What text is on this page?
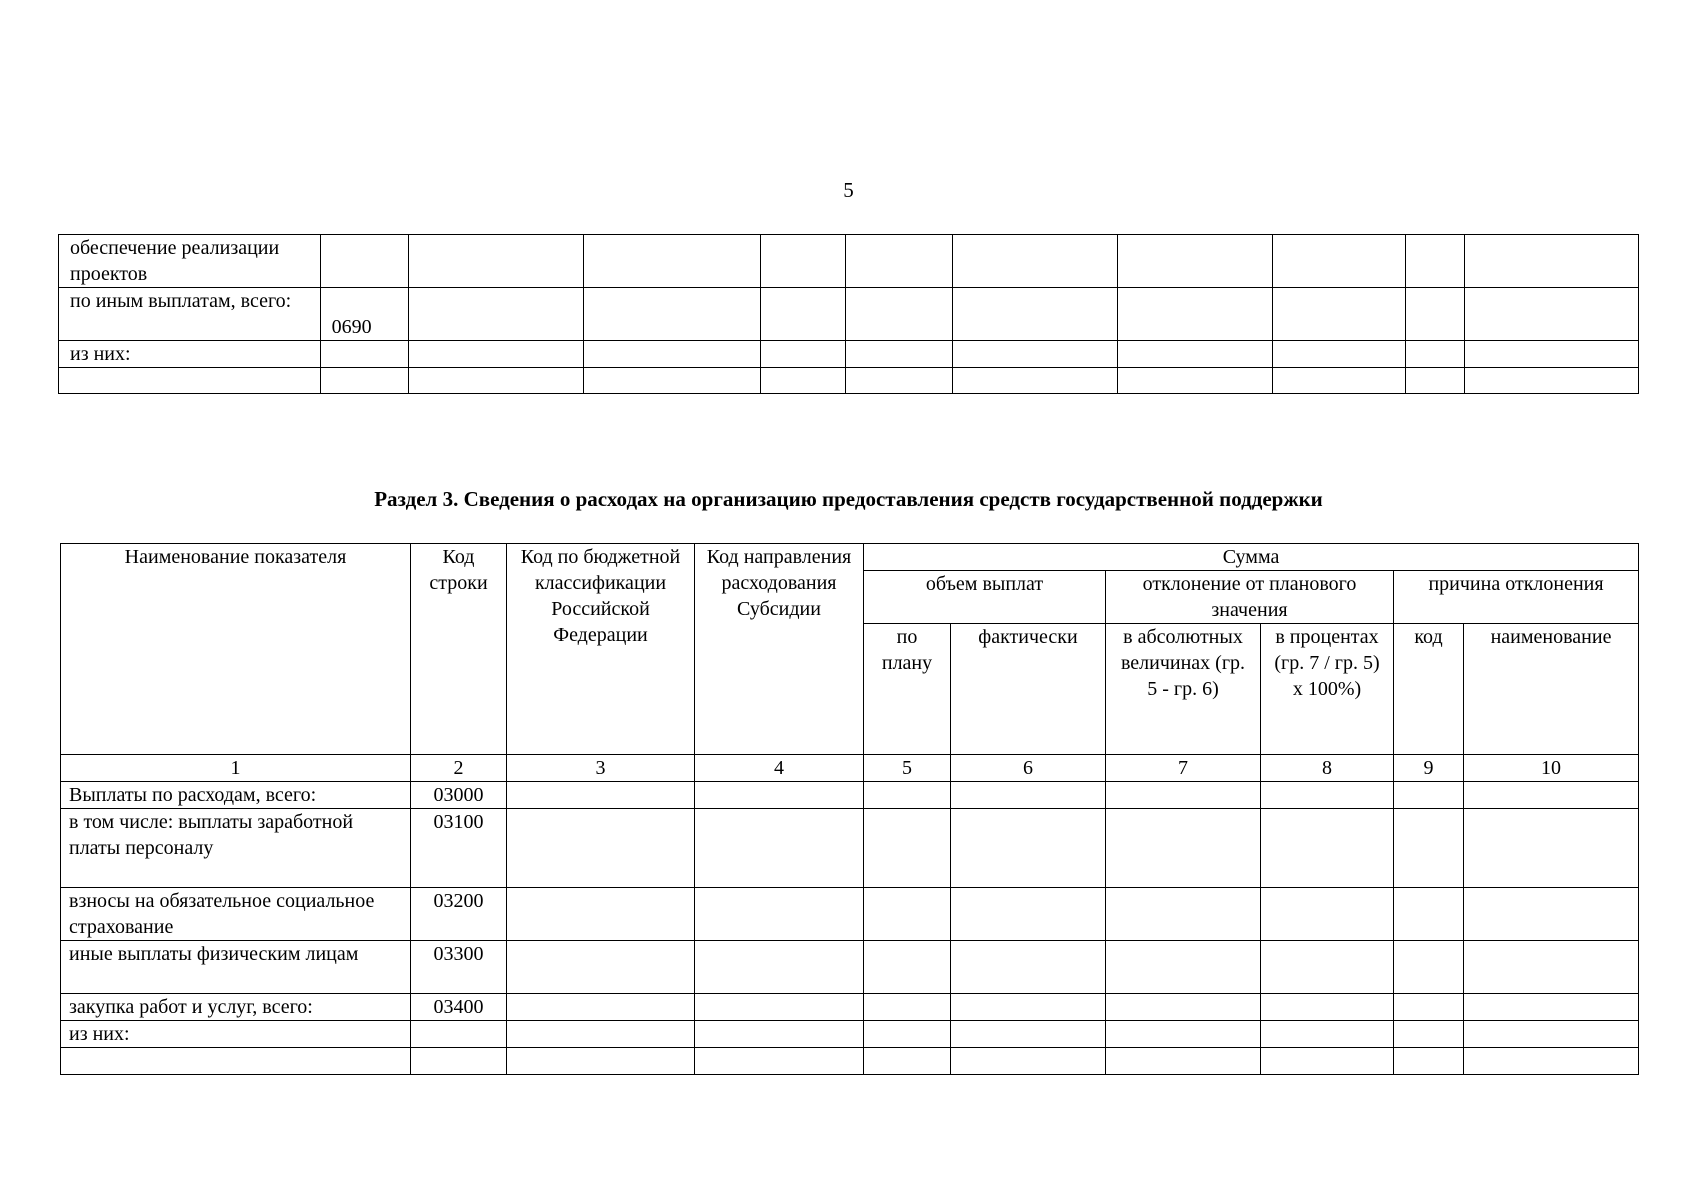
5
обеспечение реализации проектов										
по иным выплатам, всего:	0690									
из них:										

Раздел 3. Сведения о расходах на организацию предоставления средств государственной поддержки
Наименование показателя	Код строки	Код по бюджетной классификации Российской Федерации	Код направления расходования Субсидии	Сумма					
				объем выплат		отклонение от планового значения		причина отклонения	
				по плану	фактически	в абсолютных величинах (гр. 5 - гр. 6)	в процентах (гр. 7 / гр. 5) x 100%)	код	наименование
1	2	3	4	5	6	7	8	9	10
Выплаты по расходам, всего:	03000								
в том числе: выплаты заработной платы персоналу	03100								
взносы на обязательное социальное страхование	03200								
иные выплаты физическим лицам	03300								
закупка работ и услуг, всего:	03400								
из них:									
